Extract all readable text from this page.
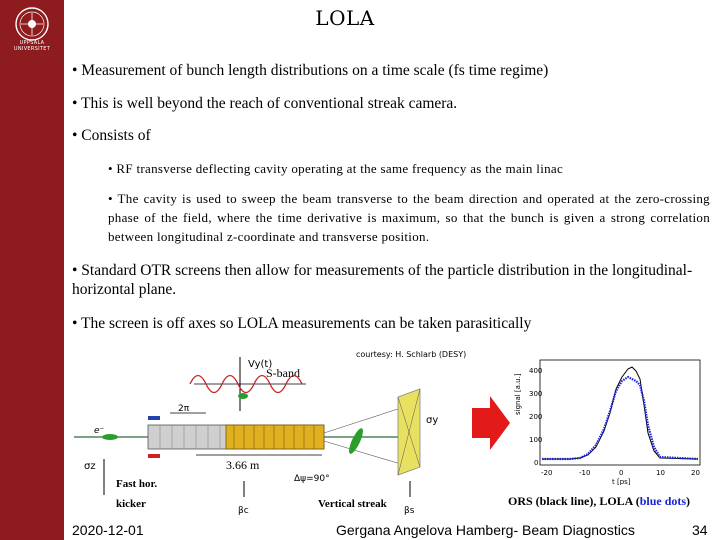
UPPSALA
UNIVERSITET
LOLA
• Measurement of bunch length distributions on a time scale (fs time regime)
• This is well beyond the reach of conventional streak camera.
• Consists of
• RF transverse deflecting cavity operating at the same frequency as the main linac
• The cavity is used to sweep the beam transverse to the beam direction and operated at the zero-crossing phase of the field, where the time derivative is maximum, so that the bunch is given a strong correlation between longitudinal z-coordinate and transverse position.
• Standard OTR screens then allow for measurements of the particle distribution in the longitudinal-horizontal plane.
• The screen is off axes so LOLA measurements can be taken parasitically
courtesy: H. Schlarb (DESY)
Vy(t)
S-band
2π
e⁻
3.66 m
σy
σz
Δψ=90°
Vertical streak
Fast hor.
kicker
βc	βs
signal [a.u.]
400
300
200
100
0
-20	-10	0	10	20
t [ps]
ORS (black line), LOLA (blue dots)
2020-12-01	Gergana Angelova Hamberg- Beam Diagnostics	34
